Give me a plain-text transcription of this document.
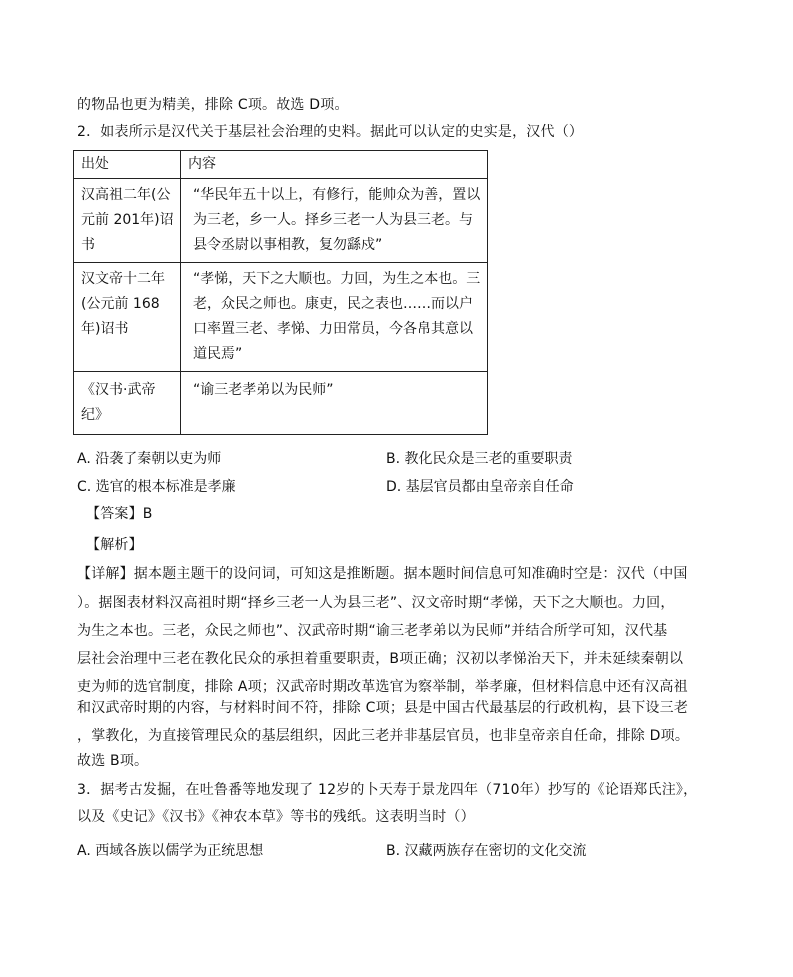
的物品也更为精美，排除 C项。故选 D项。
2．如表所示是汉代关于基层社会治理的史料。据此可以认定的史实是，汉代（）
出处	内容
汉高祖二年(公元前 201年)诏书	“华民年五十以上，有修行，能帅众为善，置以为三老，乡一人。择乡三老一人为县三老。与县令丞尉以事相教，复勿繇戍”
汉文帝十二年(公元前 168年)诏书	“孝悌，天下之大顺也。力回，为生之本也。三老，众民之师也。康吏，民之表也……而以户口率置三老、孝悌、力田常员，今各帛其意以道民焉”
《汉书·武帝纪》	“谕三老孝弟以为民师”
A. 沿袭了秦朝以吏为师	B. 教化民众是三老的重要职责
C. 选官的根本标准是孝廉	D. 基层官员都由皇帝亲自任命
【答案】B
【解析】
【详解】据本题主题干的设问词，可知这是推断题。据本题时间信息可知准确时空是：汉代（中国
）。据图表材料汉高祖时期“择乡三老一人为县三老”、汉文帝时期“孝悌，天下之大顺也。力回，
为生之本也。三老，众民之师也”、汉武帝时期“谕三老孝弟以为民师”并结合所学可知，汉代基
层社会治理中三老在教化民众的承担着重要职责，B项正确；汉初以孝悌治天下，并未延续秦朝以
吏为师的选官制度，排除 A项；汉武帝时期改革选官为察举制，举孝廉，但材料信息中还有汉高祖
和汉武帝时期的内容，与材料时间不符，排除 C项；县是中国古代最基层的行政机构，县下设三老
，掌教化，为直接管理民众的基层组织，因此三老并非基层官员，也非皇帝亲自任命，排除 D项。
故选 B项。
3．据考古发掘，在吐鲁番等地发现了 12岁的卜天寿于景龙四年（710年）抄写的《论语郑氏注》，
以及《史记》《汉书》《神农本草》等书的残纸。这表明当时（）
A. 西域各族以儒学为正统思想	B. 汉藏两族存在密切的文化交流
